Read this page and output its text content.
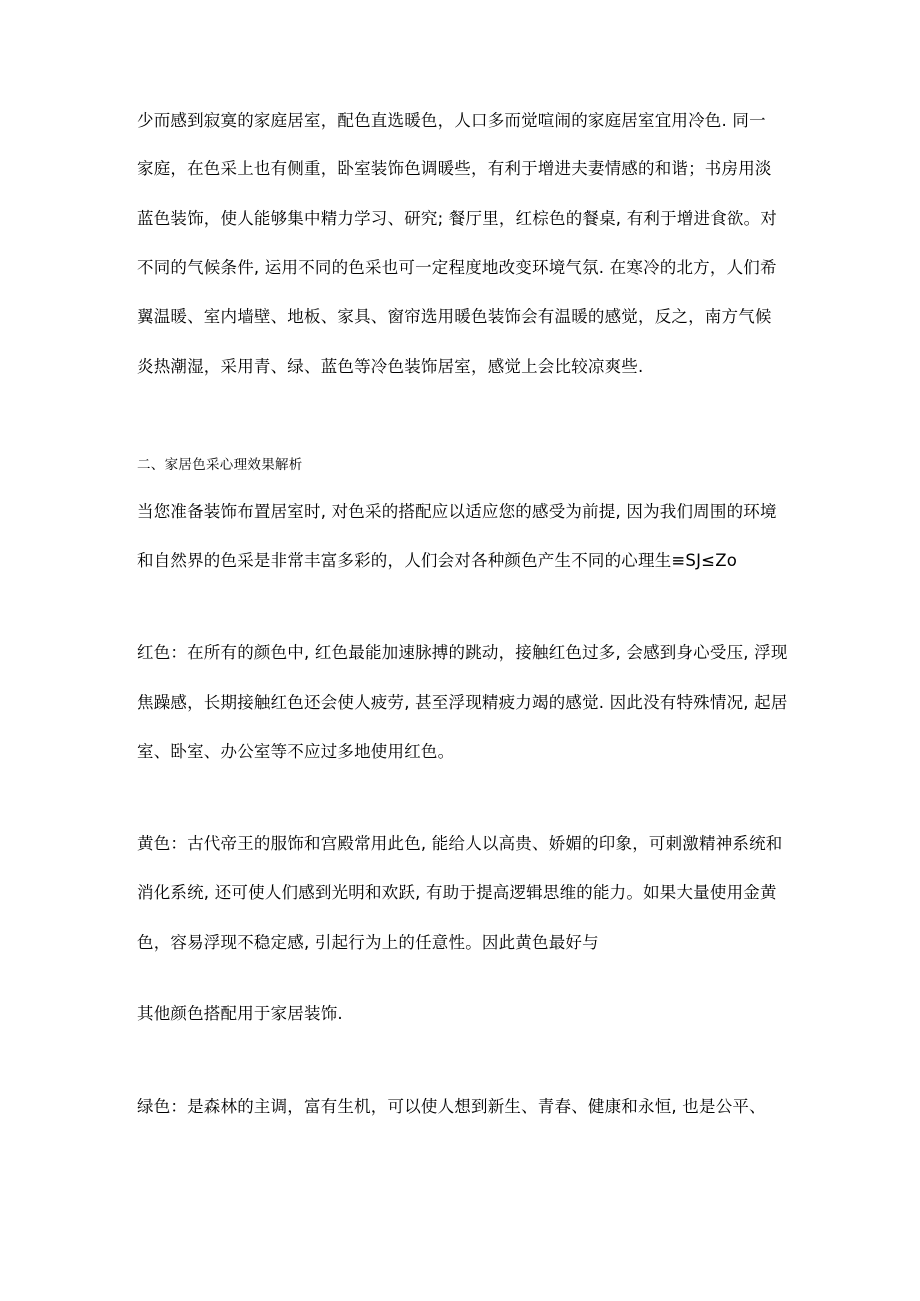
少而感到寂寞的家庭居室，配色直选暖色，人口多而觉喧闹的家庭居室宜用冷色. 同一
家庭，在色采上也有侧重，卧室装饰色调暖些，有利于增进夫妻情感的和谐；书房用淡
蓝色装饰，使人能够集中精力学习、研究; 餐厅里，红棕色的餐桌, 有利于增进食欲。对
不同的气候条件, 运用不同的色采也可一定程度地改变环境气氛. 在寒冷的北方，人们希
翼温暖、室内墙壁、地板、家具、窗帘选用暖色装饰会有温暖的感觉，反之，南方气候
炎热潮湿，采用青、绿、蓝色等冷色装饰居室，感觉上会比较凉爽些.
二、家居色采心理效果解析
当您准备装饰布置居室时, 对色采的搭配应以适应您的感受为前提, 因为我们周围的环境
和自然界的色采是非常丰富多彩的，人们会对各种颜色产生不同的心理生≡SJ≤Zo
红色：在所有的颜色中, 红色最能加速脉搏的跳动，接触红色过多, 会感到身心受压, 浮现
焦躁感，长期接触红色还会使人疲劳, 甚至浮现精疲力竭的感觉. 因此没有特殊情况, 起居
室、卧室、办公室等不应过多地使用红色。
黄色：古代帝王的服饰和宫殿常用此色, 能给人以高贵、娇媚的印象，可刺激精神系统和
消化系统, 还可使人们感到光明和欢跃, 有助于提高逻辑思维的能力。如果大量使用金黄
色，容易浮现不稳定感, 引起行为上的任意性。因此黄色最好与
其他颜色搭配用于家居装饰.
绿色：是森林的主调，富有生机，可以使人想到新生、青春、健康和永恒, 也是公平、
